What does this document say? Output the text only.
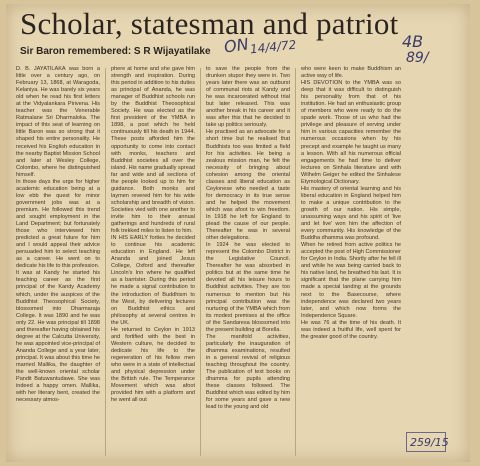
Scholar, statesman and patriot
Sir Baron remembered: S R Wijayatilake ON 14/4/72	4B
89/
259/15

D. B. JAYATILAKA was born a little over a century ago, on February 13, 1868, at Waragoda, Kelaniya. He was barely six years old when he read his first letters at the Vidyalankara Pirivena. His teacher was the Venerable Ratmalane Sri Dharmaloka. The impact of this seat of learning on little Baron was so strong that it shaped his entire personality. He received his English education in the nearby Baptist Mission School and later at Wesley College, Colombo, where he distinguished himself.

In those days the urge for higher academic education being at a low ebb the quest for minor government jobs was at a premium. He followed this trend and sought employment in the Land Department; but fortunately those who interviewed him predicted a great future for him and I would appeal their advice persuaded him to select teaching as a career. He went on to dedicate his life to this profession.

It was at Kandy he started his teaching career as the first principal of the Kandy Academy which, under the auspices of the Buddhist Theosophical Society, blossomed into Dharmaraja College. It was 1890 and he was only 22. He was principal till 1898 and thereafter having obtained his degree at the Calcutta University, he was appointed vice-principal of Ananda College and a year later, principal. It was about this time he married Mallika, the daughter of the well-known oriental scholar Pandit Batuwantudawe. She was indeed a happy omen. Mallika, with her literary bent, created the necessary atmos-

phere at home and she gave him strength and inspiration. During this period in addition to his duties as principal of Ananda, he was manager of Buddhist schools run by the Buddhist Theosophical Society. He was elected as the first president of the YMBA in 1898, a post which he held continuously till his death in 1944. These posts afforded him the opportunity to come into contact with monks, teachers and Buddhist societies all over the island. His name gradually spread far and wide and all sections of the people looked up to him for guidance. Both monks and laymen revered him for his wide scholarship and breadth of vision. Societies vied with one another to invite him to their annual gatherings and hundreds of rural folk trekked miles to listen to him.

IN HIS EARLY forties he decided to continue his academic education in England. He left Ananda and joined Jesus College, Oxford and thereafter Lincoln's Inn where he qualified as a barrister. During this period he made a signal contribution to the introduction of Buddhism to the West, by delivering lectures on Buddhist ethics and philosophy at several centres in the UK.

He returned to Ceylon in 1913 and fortified with the best in Western culture, he decided to dedicate his life to the regeneration of his fellow men who were in a state of intellectual and physical depression under the British rule. The Temperance Movement which was afoot provided him with a platform and he went all out

to save the people from the drunken stupor they were in. Two years later there was an outburst of communal riots at Kandy and he was incarcerated without trial but later released. This was another break in his career and it was after this that he decided to take up politics seriously.

He practised as an advocate for a short time but he realised that Buddhists too was limited a field for his activities. He being a zealous mission man, he felt the necessity of bringing about cohesion among the oriental classes and liberal education as Ceylonese who needed a taste for democracy in its true sense and he helped the movement which was afoot to win freedom. In 1918 he left for England to plead the cause of our people. Thereafter he was in several other delegations.

In 1924 he was elected to represent the Colombo District in the Legislative Council. Thereafter he was absorbed in politics but at the same time he devoted all his leisure hours to Buddhist activities. They are too numerous to mention but his principal contribution was the nurturing of the YMBA which from its modest premises at the office of the Sandaresa blossomed into the present building at Borella.

The manifold activities, particularly the inauguration of dhamma examinations, resulted in a general revival of religious teaching throughout the country. The publication of text books on dhamma for pupils attending these classes followed. The Buddhist which was edited by him for some years and gave a new lead to the young and old

who were keen to make Buddhism an active way of life.

HIS DEVOTION to the YMBA was so deep that it was difficult to distinguish his personality from that of his institution. He had an enthusiastic group of members who were ready to do the spade work. Those of us who had the privilege and pleasure of serving under him in various capacities remember the numerous occasions when by his precept and example he taught us many a lesson. With all his numerous official engagements he had time to deliver lectures on Sinhala literature and with Wilhelm Geiger he edited the Sinhalese Etymological Dictionary.

His mastery of oriental learning and his liberal education in England helped him to make a unique contribution to the growth of our nation. His simple, unassuming ways and his spirit of 'live and let live' won him the affection of every community. His knowledge of the Buddha dhamma was profound.

When he retired from active politics he accepted the post of High Commissioner for Ceylon in India. Shortly after he fell ill and while he was being carried back to his native land, he breathed his last. It is significant that the plane carrying him made a special landing at the grounds next to the Basecourse, where independence was declared two years later, and which now forms the Independence Square.

He was 76 at the time of his death. It was indeed a fruitful life, well spent for the greater good of the country.
